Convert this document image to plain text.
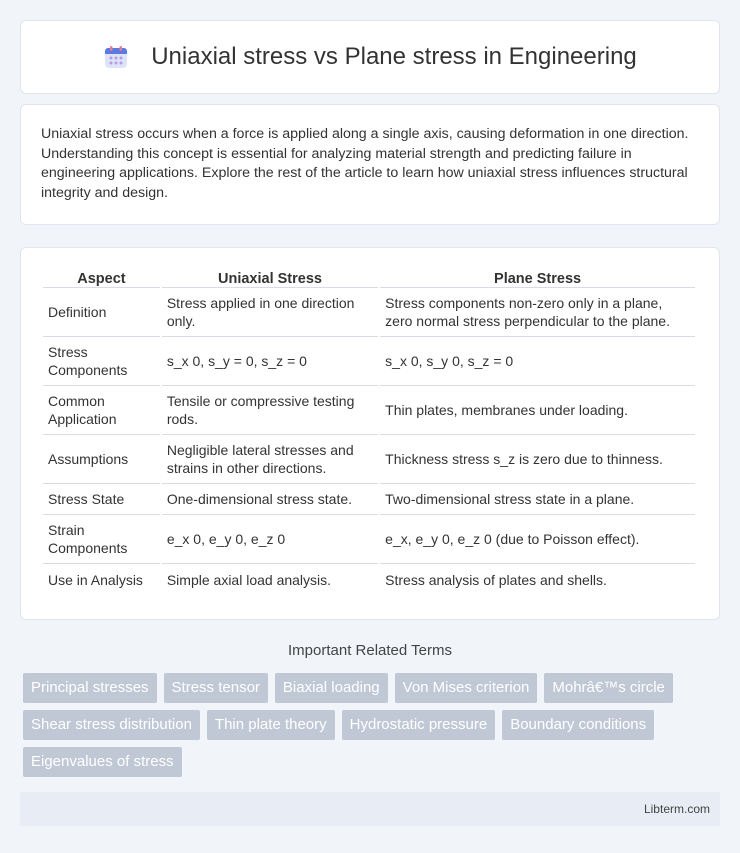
Uniaxial stress vs Plane stress in Engineering

Uniaxial stress occurs when a force is applied along a single axis, causing deformation in one direction. Understanding this concept is essential for analyzing material strength and predicting failure in engineering applications. Explore the rest of the article to learn how uniaxial stress influences structural integrity and design.

Aspect	Uniaxial Stress	Plane Stress
Definition	Stress applied in one direction only.	Stress components non-zero only in a plane, zero normal stress perpendicular to the plane.
Stress Components	s_x 0, s_y = 0, s_z = 0	s_x 0, s_y 0, s_z = 0
Common Application	Tensile or compressive testing rods.	Thin plates, membranes under loading.
Assumptions	Negligible lateral stresses and strains in other directions.	Thickness stress s_z is zero due to thinness.
Stress State	One-dimensional stress state.	Two-dimensional stress state in a plane.
Strain Components	e_x 0, e_y 0, e_z 0	e_x, e_y 0, e_z 0 (due to Poisson effect).
Use in Analysis	Simple axial load analysis.	Stress analysis of plates and shells.
Important Related Terms
Principal stresses	Stress tensor	Biaxial loading	Von Mises criterion	Mohrâ€™s circle
Shear stress distribution	Thin plate theory	Hydrostatic pressure	Boundary conditions
Eigenvalues of stress
Libterm.com
